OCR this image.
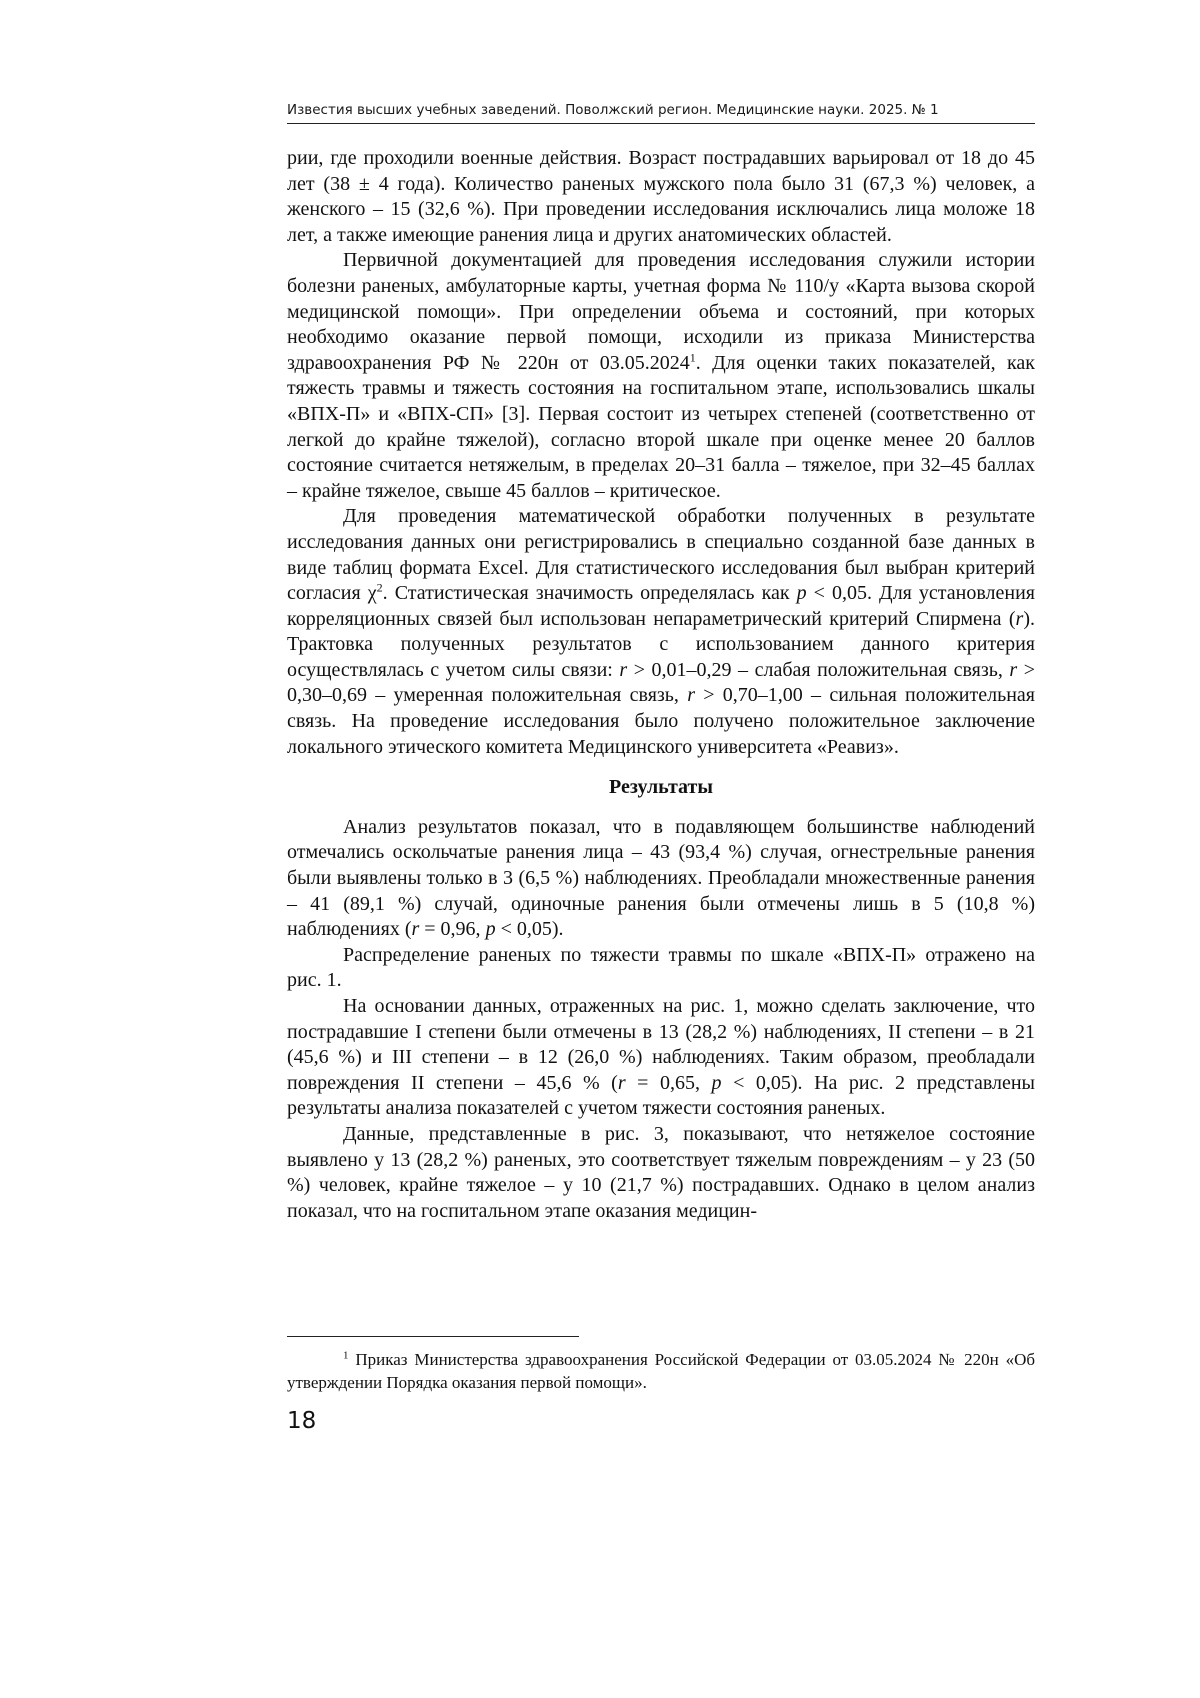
Известия высших учебных заведений. Поволжский регион. Медицинские науки. 2025. № 1

рии, где проходили военные действия. Возраст пострадавших варьировал от 18 до 45 лет (38 ± 4 года). Количество раненых мужского пола было 31 (67,3 %) человек, а женского – 15 (32,6 %). При проведении исследования исключались лица моложе 18 лет, а также имеющие ранения лица и других анатомических областей.

Первичной документацией для проведения исследования служили истории болезни раненых, амбулаторные карты, учетная форма № 110/у «Карта вызова скорой медицинской помощи». При определении объема и состояний, при которых необходимо оказание первой помощи, исходили из приказа Министерства здравоохранения РФ № 220н от 03.05.2024$^1$. Для оценки таких показателей, как тяжесть травмы и тяжесть состояния на госпитальном этапе, использовались шкалы «ВПХ-П» и «ВПХ-СП» [3]. Первая состоит из четырех степеней (соответственно от легкой до крайне тяжелой), согласно второй шкале при оценке менее 20 баллов состояние считается нетяжелым, в пределах 20–31 балла – тяжелое, при 32–45 баллах – крайне тяжелое, свыше 45 баллов – критическое.

Для проведения математической обработки полученных в результате исследования данных они регистрировались в специально созданной базе данных в виде таблиц формата Excel. Для статистического исследования был выбран критерий согласия $\chi^2$. Статистическая значимость определялась как p < 0,05. Для установления корреляционных связей был использован непараметрический критерий Спирмена (r). Трактовка полученных результатов с использованием данного критерия осуществлялась с учетом силы связи: r > 0,01–0,29 – слабая положительная связь, r > 0,30–0,69 – умеренная положительная связь, r > 0,70–1,00 – сильная положительная связь. На проведение исследования было получено положительное заключение локального этического комитета Медицинского университета «Реавиз».

Результаты

Анализ результатов показал, что в подавляющем большинстве наблюдений отмечались оскольчатые ранения лица – 43 (93,4 %) случая, огнестрельные ранения были выявлены только в 3 (6,5 %) наблюдениях. Преобладали множественные ранения – 41 (89,1 %) случай, одиночные ранения были отмечены лишь в 5 (10,8 %) наблюдениях (r = 0,96, p < 0,05).

Распределение раненых по тяжести травмы по шкале «ВПХ-П» отражено на рис. 1.

На основании данных, отраженных на рис. 1, можно сделать заключение, что пострадавшие I степени были отмечены в 13 (28,2 %) наблюдениях, II степени – в 21 (45,6 %) и III степени – в 12 (26,0 %) наблюдениях. Таким образом, преобладали повреждения II степени – 45,6 % (r = 0,65, p < 0,05). На рис. 2 представлены результаты анализа показателей с учетом тяжести состояния раненых.

Данные, представленные в рис. 3, показывают, что нетяжелое состояние выявлено у 13 (28,2 %) раненых, это соответствует тяжелым повреждениям – у 23 (50 %) человек, крайне тяжелое – у 10 (21,7 %) пострадавших. Однако в целом анализ показал, что на госпитальном этапе оказания медицин-

$^1$ Приказ Министерства здравоохранения Российской Федерации от 03.05.2024 № 220н «Об утверждении Порядка оказания первой помощи».

18
